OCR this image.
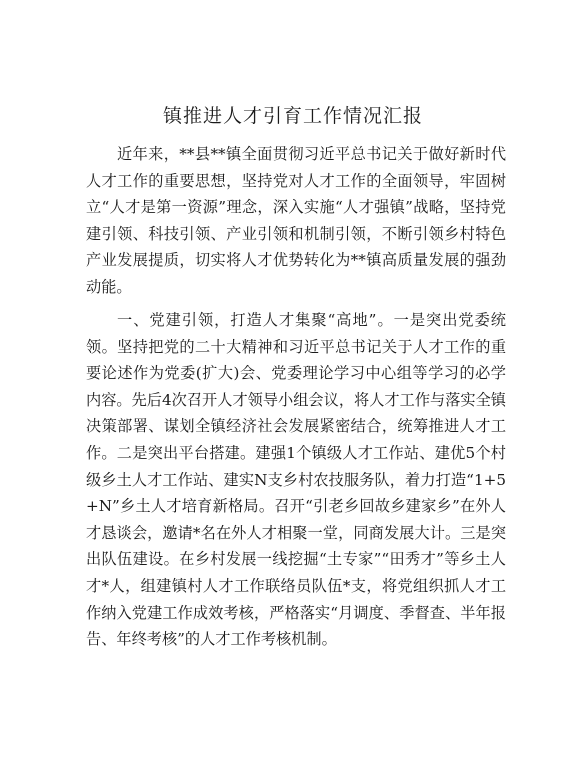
镇推进人才引育工作情况汇报

近年来，**县**镇全面贯彻习近平总书记关于做好新时代人才工作的重要思想，坚持党对人才工作的全面领导，牢固树立“人才是第一资源”理念，深入实施“人才强镇”战略，坚持党建引领、科技引领、产业引领和机制引领，不断引领乡村特色产业发展提质，切实将人才优势转化为**镇高质量发展的强劲动能。

一、党建引领，打造人才集聚“高地”。一是突出党委统领。坚持把党的二十大精神和习近平总书记关于人才工作的重要论述作为党委(扩大)会、党委理论学习中心组等学习的必学内容。先后4次召开人才领导小组会议，将人才工作与落实全镇决策部署、谋划全镇经济社会发展紧密结合，统筹推进人才工作。二是突出平台搭建。建强1个镇级人才工作站、建优5个村级乡土人才工作站、建实N支乡村农技服务队，着力打造“1+5+N”乡土人才培育新格局。召开“引老乡回故乡建家乡”在外人才恳谈会，邀请*名在外人才相聚一堂，同商发展大计。三是突出队伍建设。在乡村发展一线挖掘“土专家”“田秀才”等乡土人才*人，组建镇村人才工作联络员队伍*支，将党组织抓人才工作纳入党建工作成效考核，严格落实“月调度、季督查、半年报告、年终考核”的人才工作考核机制。
